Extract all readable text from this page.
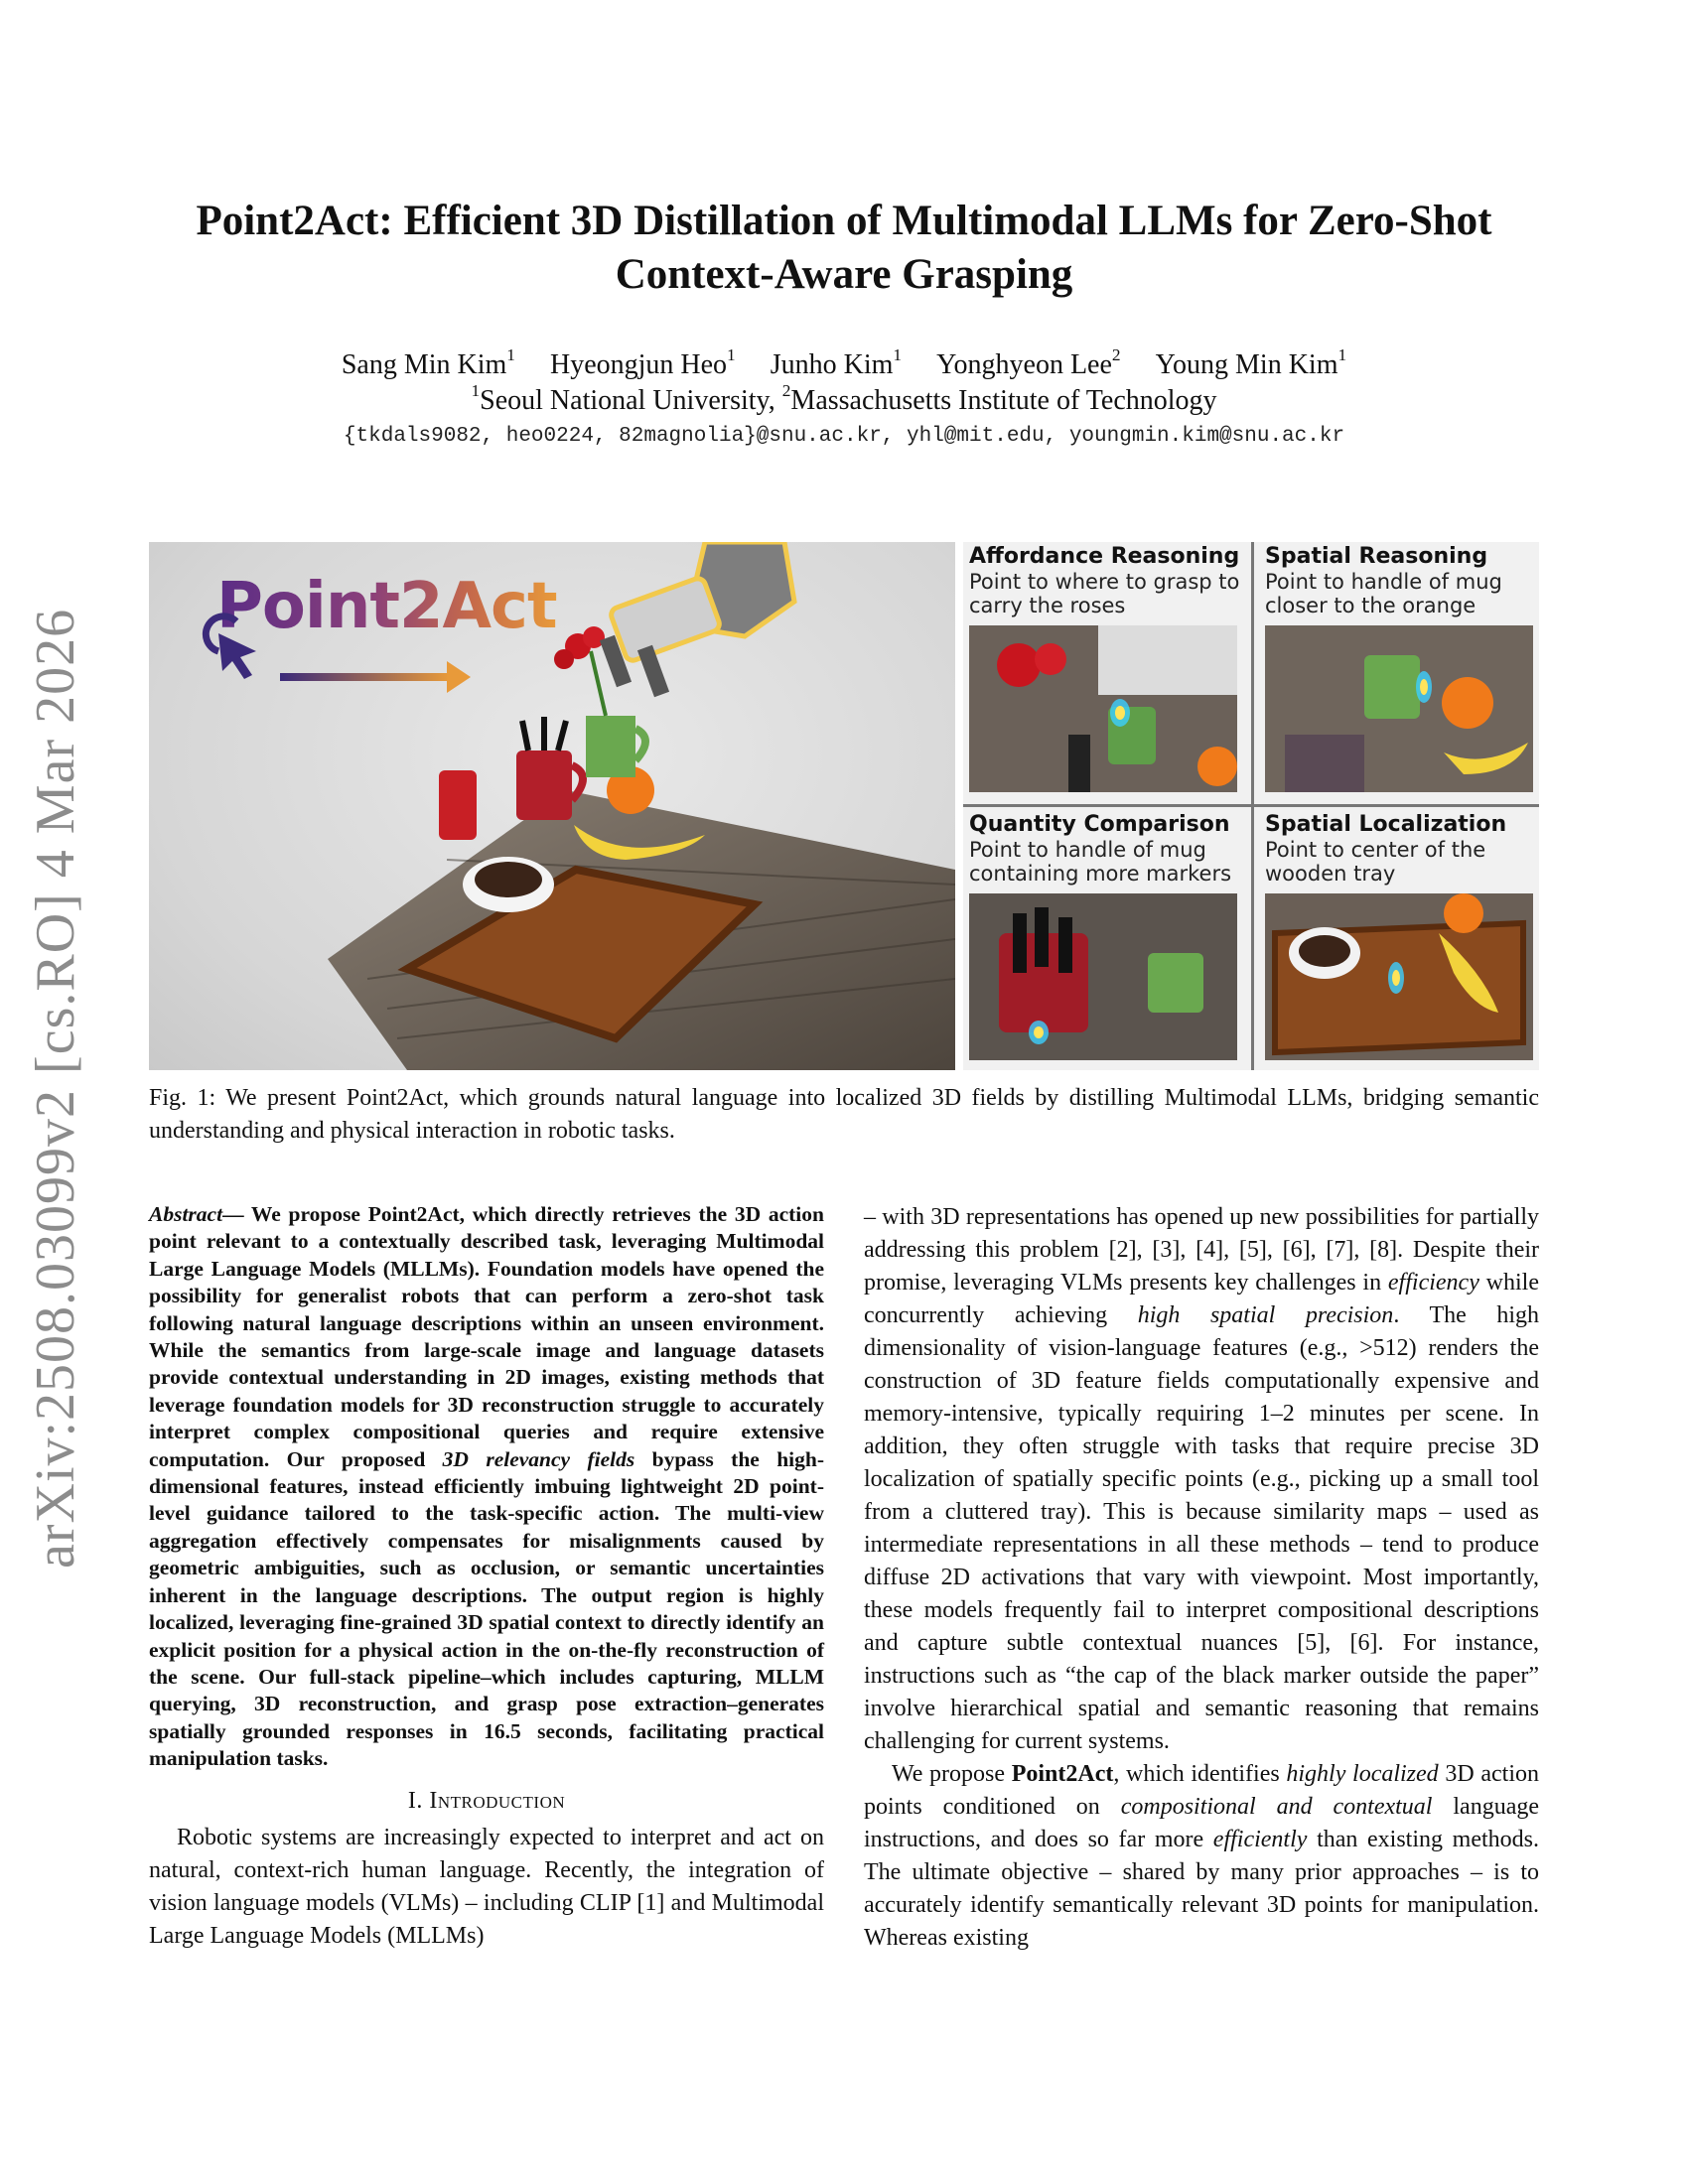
arXiv:2508.03099v2 [cs.RO] 4 Mar 2026
Point2Act: Efficient 3D Distillation of Multimodal LLMs for Zero-Shot Context-Aware Grasping
Sang Min Kim$^1$ Hyeongjun Heo$^1$ Junho Kim$^1$ Yonghyeon Lee$^2$ Young Min Kim$^1$
$^1$Seoul National University, $^2$Massachusetts Institute of Technology
{tkdals9082, heo0224, 82magnolia}@snu.ac.kr, yhl@mit.edu, youngmin.kim@snu.ac.kr
Point2Act
Affordance Reasoning
Point to where to grasp to carry the roses
Spatial Reasoning
Point to handle of mug closer to the orange
Quantity Comparison
Point to handle of mug containing more markers
Spatial Localization
Point to center of the wooden tray
Fig. 1: We present Point2Act, which grounds natural language into localized 3D fields by distilling Multimodal LLMs, bridging semantic understanding and physical interaction in robotic tasks.

Abstract— We propose Point2Act, which directly retrieves the 3D action point relevant to a contextually described task, leveraging Multimodal Large Language Models (MLLMs). Foundation models have opened the possibility for generalist robots that can perform a zero-shot task following natural language descriptions within an unseen environment. While the semantics from large-scale image and language datasets provide contextual understanding in 2D images, existing methods that leverage foundation models for 3D reconstruction struggle to accurately interpret complex compositional queries and require extensive computation. Our proposed 3D relevancy fields bypass the high-dimensional features, instead efficiently imbuing lightweight 2D point-level guidance tailored to the task-specific action. The multi-view aggregation effectively compensates for misalignments caused by geometric ambiguities, such as occlusion, or semantic uncertainties inherent in the language descriptions. The output region is highly localized, leveraging fine-grained 3D spatial context to directly identify an explicit position for a physical action in the on-the-fly reconstruction of the scene. Our full-stack pipeline–which includes capturing, MLLM querying, 3D reconstruction, and grasp pose extraction–generates spatially grounded responses in 16.5 seconds, facilitating practical manipulation tasks.

I. Introduction

Robotic systems are increasingly expected to interpret and act on natural, context-rich human language. Recently, the integration of vision language models (VLMs) – including CLIP [1] and Multimodal Large Language Models (MLLMs)

– with 3D representations has opened up new possibilities for partially addressing this problem [2], [3], [4], [5], [6], [7], [8]. Despite their promise, leveraging VLMs presents key challenges in efficiency while concurrently achieving high spatial precision. The high dimensionality of vision-language features (e.g., >512) renders the construction of 3D feature fields computationally expensive and memory-intensive, typically requiring 1–2 minutes per scene. In addition, they often struggle with tasks that require precise 3D localization of spatially specific points (e.g., picking up a small tool from a cluttered tray). This is because similarity maps – used as intermediate representations in all these methods – tend to produce diffuse 2D activations that vary with viewpoint. Most importantly, these models frequently fail to interpret compositional descriptions and capture subtle contextual nuances [5], [6]. For instance, instructions such as “the cap of the black marker outside the paper” involve hierarchical spatial and semantic reasoning that remains challenging for current systems.

We propose Point2Act, which identifies highly localized 3D action points conditioned on compositional and contextual language instructions, and does so far more efficiently than existing methods. The ultimate objective – shared by many prior approaches – is to accurately identify semantically relevant 3D points for manipulation. Whereas existing
